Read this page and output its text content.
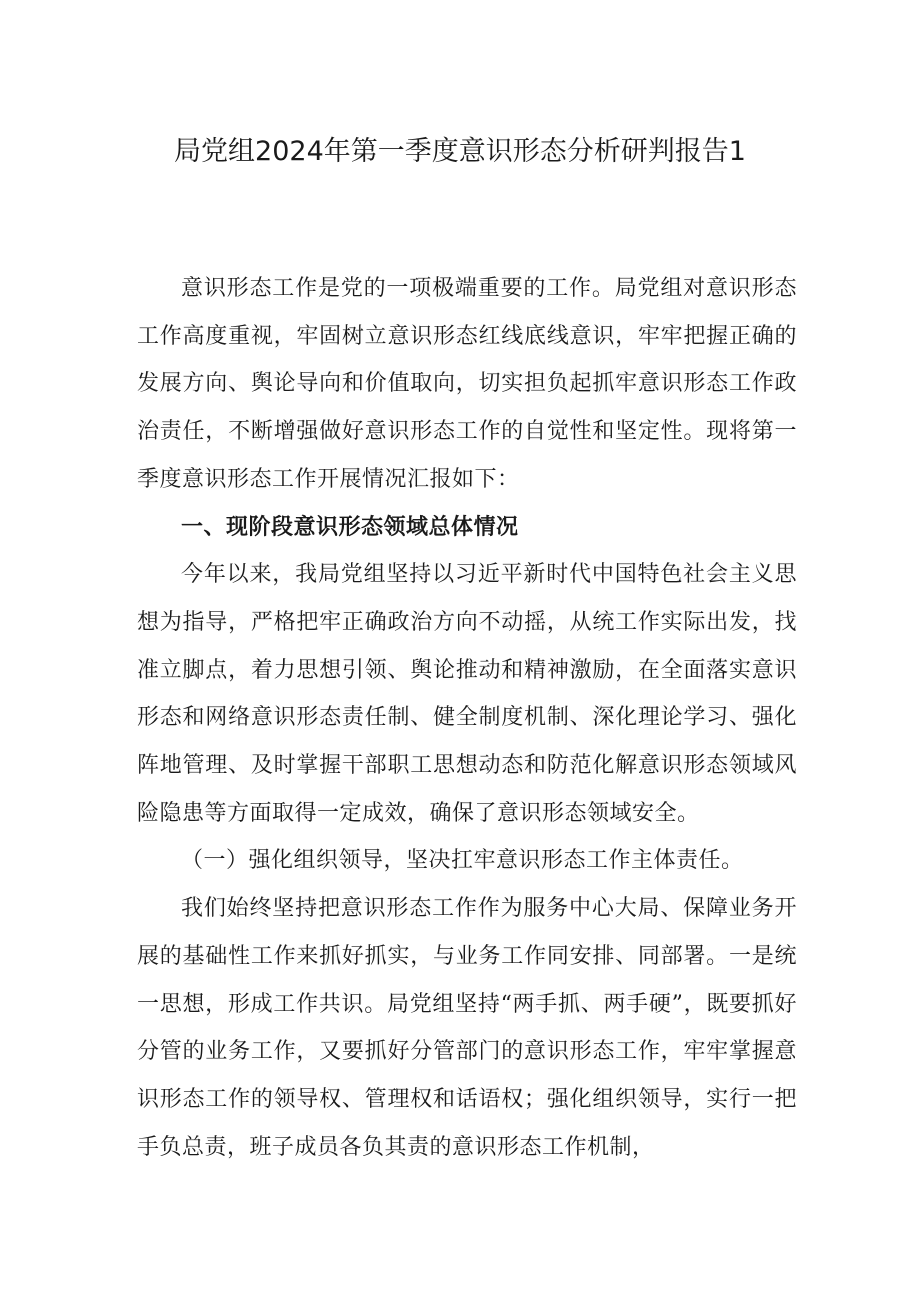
局党组2024年第一季度意识形态分析研判报告1

意识形态工作是党的一项极端重要的工作。局党组对意识形态工作高度重视，牢固树立意识形态红线底线意识，牢牢把握正确的发展方向、舆论导向和价值取向，切实担负起抓牢意识形态工作政治责任，不断增强做好意识形态工作的自觉性和坚定性。现将第一季度意识形态工作开展情况汇报如下：

一、现阶段意识形态领域总体情况

今年以来，我局党组坚持以习近平新时代中国特色社会主义思想为指导，严格把牢正确政治方向不动摇，从统工作实际出发，找准立脚点，着力思想引领、舆论推动和精神激励，在全面落实意识形态和网络意识形态责任制、健全制度机制、深化理论学习、强化阵地管理、及时掌握干部职工思想动态和防范化解意识形态领域风险隐患等方面取得一定成效，确保了意识形态领域安全。

（一）强化组织领导，坚决扛牢意识形态工作主体责任。

我们始终坚持把意识形态工作作为服务中心大局、保障业务开展的基础性工作来抓好抓实，与业务工作同安排、同部署。一是统一思想，形成工作共识。局党组坚持“两手抓、两手硬”，既要抓好分管的业务工作，又要抓好分管部门的意识形态工作，牢牢掌握意识形态工作的领导权、管理权和话语权；强化组织领导，实行一把手负总责，班子成员各负其责的意识形态工作机制，
